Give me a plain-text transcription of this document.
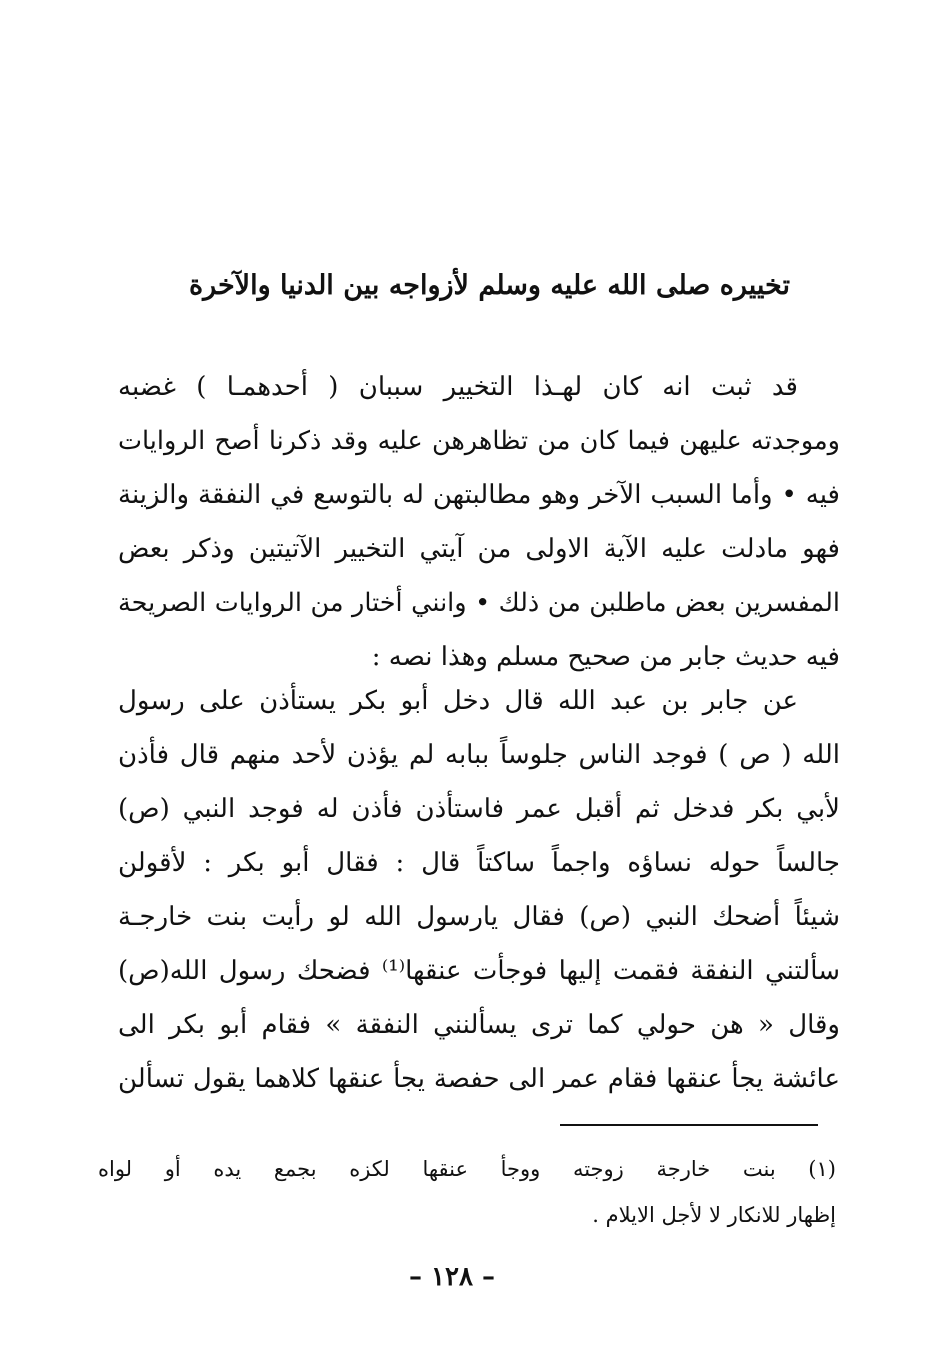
تخييره صلى الله عليه وسلم لأزواجه بين الدنيا والآخرة
قد ثبت انه كان لهـذا التخيير سببان ( أحدهمـا ) غضبه
وموجدته عليهن فيما كان من تظاهرهن عليه وقد ذكرنا أصح الروايات
فيه • وأما السبب الآخر وهو مطالبتهن له بالتوسع في النفقة والزينة
فهو مادلت عليه الآية الاولى من آيتي التخيير الآتيتين وذكر بعض
المفسرين بعض ماطلبن من ذلك • وانني أختار من الروايات الصريحة
فيه حديث جابر من صحيح مسلم وهذا نصه :
عن جابر بن عبد الله قال دخل أبو بكر يستأذن على رسول
الله ( ص ) فوجد الناس جلوساً ببابه لم يؤذن لأحد منهم قال فأذن
لأبي بكر فدخل ثم أقبل عمر فاستأذن فأذن له فوجد النبي (ص)
جالساً حوله نساؤه واجماً ساكتاً قال : فقال أبو بكر : لأقولن
شيئاً أضحك النبي (ص) فقال يارسول الله لو رأيت بنت خارجـة
سألتني النفقة فقمت إليها فوجأت عنقها⁽¹⁾ فضحك رسول الله(ص)
وقال « هن حولي كما ترى يسألنني النفقة » فقام أبو بكر الى
عائشة يجأ عنقها فقام عمر الى حفصة يجأ عنقها كلاهما يقول تسألن
(١) بنت خارجة زوجته ووجأ عنقها لكزه بجمع يده أو لواه
إظهار للانكار لا لأجل الايلام .
– ١٢٨ –
